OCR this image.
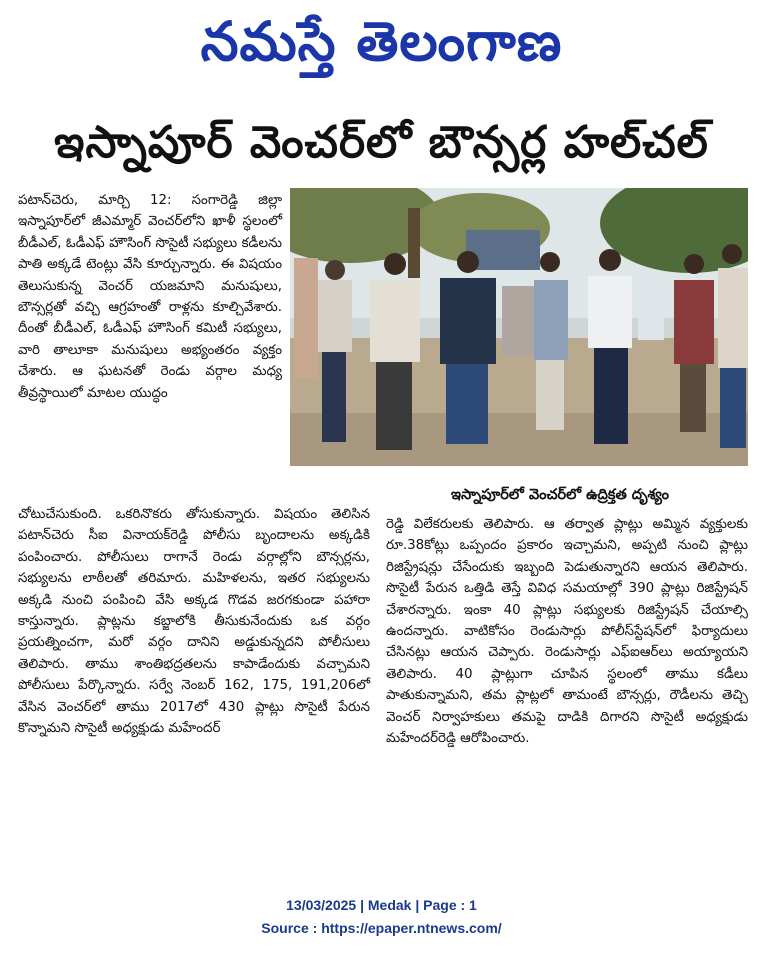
నమస్తే తెలంగాణ
ఇస్నాపూర్ వెంచర్‌లో బౌన్సర్ల హల్‌చల్

పటాన్‌చెరు, మార్చి 12: సంగారెడ్డి జిల్లా ఇస్నాపూర్‌లో జీఎమ్మార్ వెంచర్‌లోని ఖాళీ స్థలంలో బీడీఎల్, ఓడీఎఫ్ హౌసింగ్ సొసైటీ సభ్యులు కడీలను పాతి అక్కడే టెంట్లు వేసి కూర్చున్నారు. ఈ విషయం తెలుసుకున్న వెంచర్ యజమాని మనుషులు, బౌన్సర్లతో వచ్చి ఆగ్రహంతో రాళ్లను కూల్చివేశారు. దీంతో బీడీఎల్, ఓడీఎఫ్ హౌసింగ్ కమిటీ సభ్యులు, వారి తాలూకా మనుషులు అభ్యంతరం వ్యక్తం చేశారు. ఆ ఘటనతో రెండు వర్గాల మధ్య తీవ్రస్థాయిలో మాటల యుద్ధం

ఇస్నాపూర్‌లో వెంచర్‌లో ఉద్రిక్తత దృశ్యం

చోటుచేసుకుంది. ఒకరినొకరు తోసుకున్నారు. విషయం తెలిసిన పటాన్‌చెరు సీఐ వినాయక్‌రెడ్డి పోలీసు బృందాలను అక్కడికి పంపించారు. పోలీసులు రాగానే రెండు వర్గాల్లోని బౌన్సర్లను, సభ్యులను లాఠీలతో తరిమారు. మహిళలను, ఇతర సభ్యులను అక్కడి నుంచి పంపించి వేసి అక్కడ గొడవ జరగకుండా పహారా కాస్తున్నారు. ప్లాట్లను కబ్జాలోకి తీసుకునేందుకు ఒక వర్గం ప్రయత్నించగా, మరో వర్గం దానిని అడ్డుకున్నదని పోలీసులు తెలిపారు. తాము శాంతిభద్రతలను కాపాడేందుకు వచ్చామని పోలీసులు పేర్కొన్నారు. సర్వే నెంబర్ 162, 175, 191,206లో వేసిన వెంచర్‌లో తాము 2017లో 430 ప్లాట్లు సొసైటీ పేరున కొన్నామని సొసైటీ అధ్యక్షుడు మహేందర్

రెడ్డి విలేకరులకు తెలిపారు. ఆ తర్వాత ప్లాట్లు అమ్మిన వ్యక్తులకు రూ.38కోట్లు ఒప్పందం ప్రకారం ఇచ్చామని, అప్పటి నుంచి ప్లాట్లు రిజిస్ట్రేషన్లు చేసేందుకు ఇబ్బంది పెడుతున్నారని ఆయన తెలిపారు. సొసైటీ పేరున ఒత్తిడి తెస్తే వివిధ సమయాల్లో 390 ప్లాట్లు రిజిస్ట్రేషన్ చేశారన్నారు. ఇంకా 40 ప్లాట్లు సభ్యులకు రిజిస్ట్రేషన్ చేయాల్సి ఉందన్నారు. వాటికోసం రెండుసార్లు పోలీస్‌స్టేషన్‌లో ఫిర్యాదులు చేసినట్లు ఆయన చెప్పారు. రెండుసార్లు ఎఫ్‌ఐఆర్‌లు అయ్యాయని తెలిపారు. 40 ప్లాట్లుగా చూపిన స్థలంలో తాము కడీలు పాతుకున్నామని, తమ ప్లాట్లలో తామంటే బౌన్సర్లు, రౌడీలను తెచ్చి వెంచర్ నిర్వాహకులు తమపై దాడికి దిగారని సొసైటీ అధ్యక్షుడు మహేందర్‌రెడ్డి ఆరోపించారు.

13/03/2025 | Medak | Page : 1
Source : https://epaper.ntnews.com/
